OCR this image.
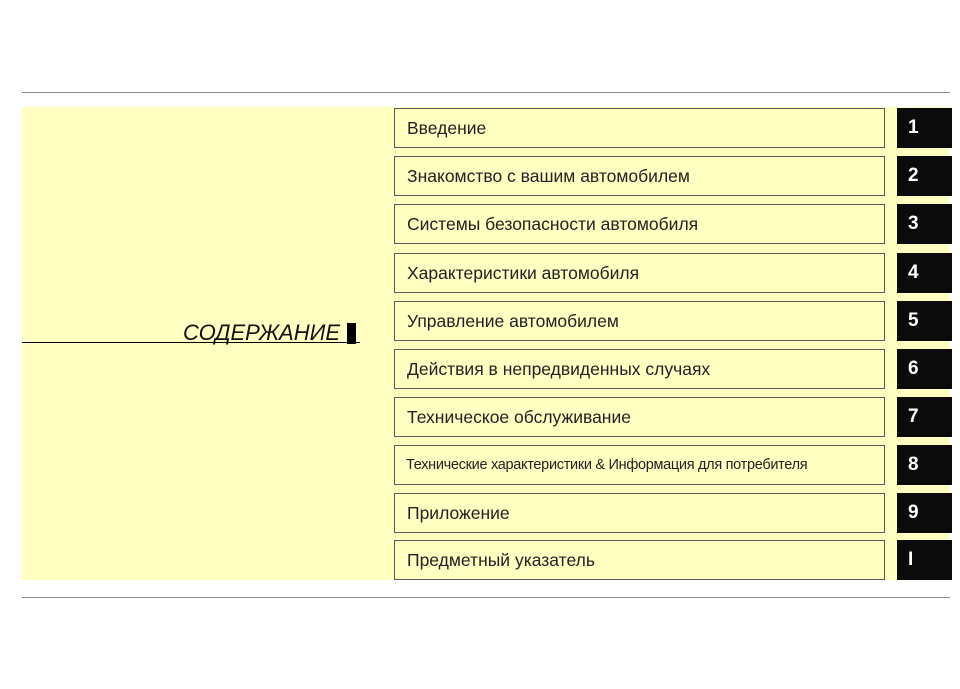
СОДЕРЖАНИЕ
Введение	1
Знакомство с вашим автомобилем	2
Системы безопасности автомобиля	3
Характеристики автомобиля	4
Управление автомобилем	5
Действия в непредвиденных случаях	6
Техническое обслуживание	7
Технические характеристики & Информация для потребителя	8
Приложение	9
Предметный указатель	I
